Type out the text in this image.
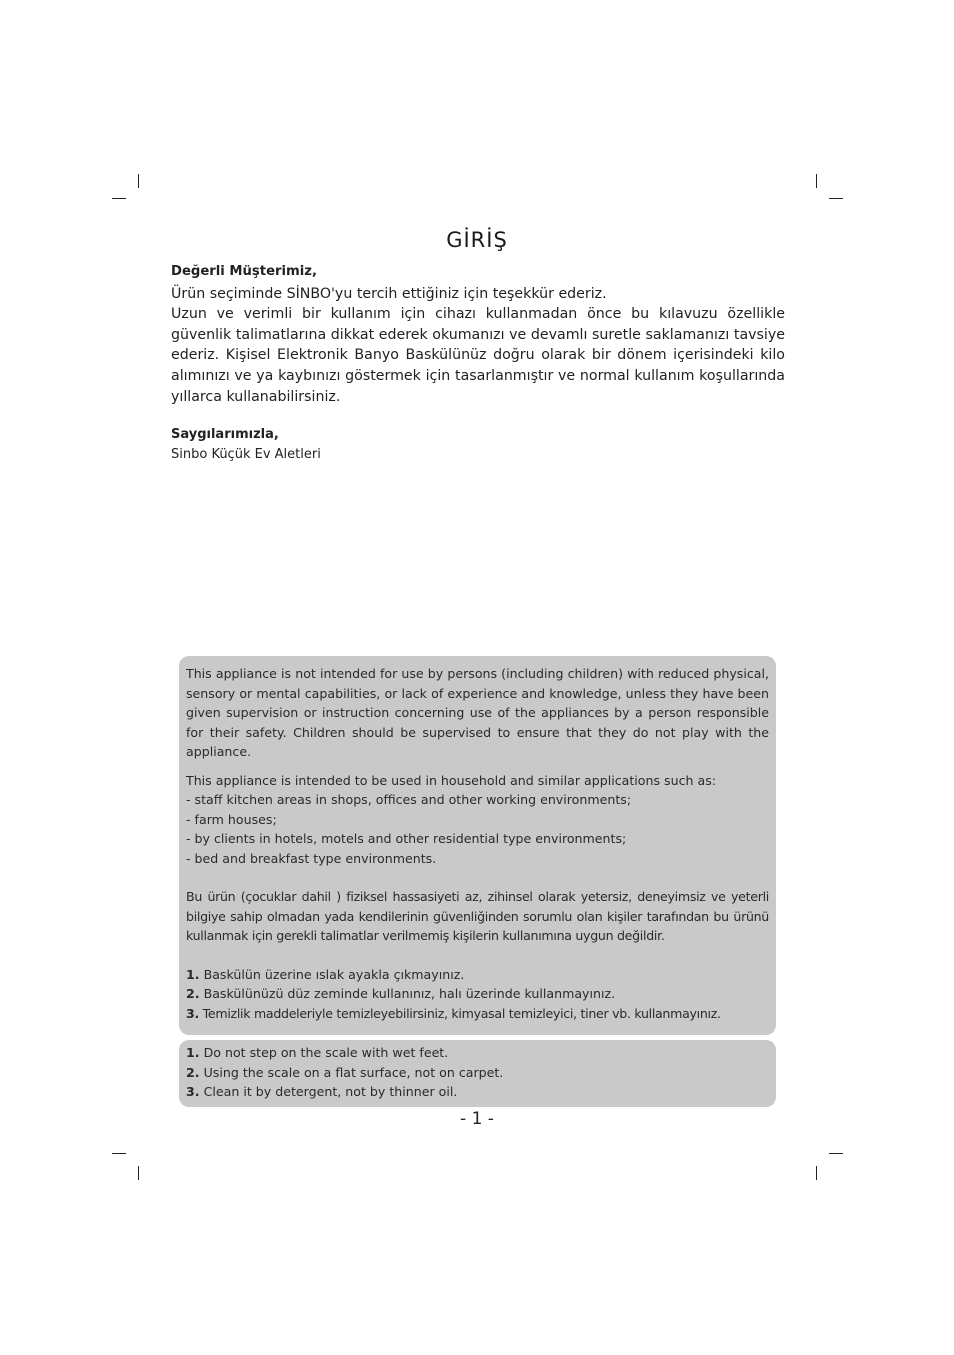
GİRİŞ

Değerli Müşterimiz,

Ürün seçiminde SİNBO'yu tercih ettiğiniz için teşekkür ederiz.

Uzun ve verimli bir kullanım için cihazı kullanmadan önce bu kılavuzu özellikle güvenlik talimatlarına dikkat ederek okumanızı ve devamlı suretle saklamanızı tavsiye ederiz. Kişisel Elektronik Banyo Baskülünüz doğru olarak bir dönem içerisindeki kilo alımınızı ve ya kaybınızı göstermek için tasarlanmıştır ve normal kullanım koşullarında yıllarca kullanabilirsiniz.

Saygılarımızla,
Sinbo Küçük Ev Aletleri

This appliance is not intended for use by persons (including children) with reduced physical, sensory or mental capabilities, or lack of experience and knowledge, unless they have been given supervision or instruction concerning use of the appliances by a person responsible for their safety. Children should be supervised to ensure that they do not play with the appliance.

This appliance is intended to be used in household and similar applications such as:

- staff kitchen areas in shops, offices and other working environments;

- farm houses;

- by clients in hotels, motels and other residential type environments;

- bed and breakfast type environments.

Bu ürün (çocuklar dahil ) fiziksel hassasiyeti az, zihinsel olarak yetersiz, deneyimsiz ve yeterli bilgiye sahip olmadan yada kendilerinin güvenliğinden sorumlu olan kişiler tarafından bu ürünü kullanmak için gerekli talimatlar verilmemiş kişilerin kullanımına uygun değildir.

1. Baskülün üzerine ıslak ayakla çıkmayınız.

2. Baskülünüzü düz zeminde kullanınız, halı üzerinde kullanmayınız.

3. Temizlik maddeleriyle temizleyebilirsiniz, kimyasal temizleyici, tiner vb. kullanmayınız.

1. Do not step on the scale with wet feet.

2. Using the scale on a flat surface, not on carpet.

3. Clean it by detergent, not by thinner oil.

- 1 -
